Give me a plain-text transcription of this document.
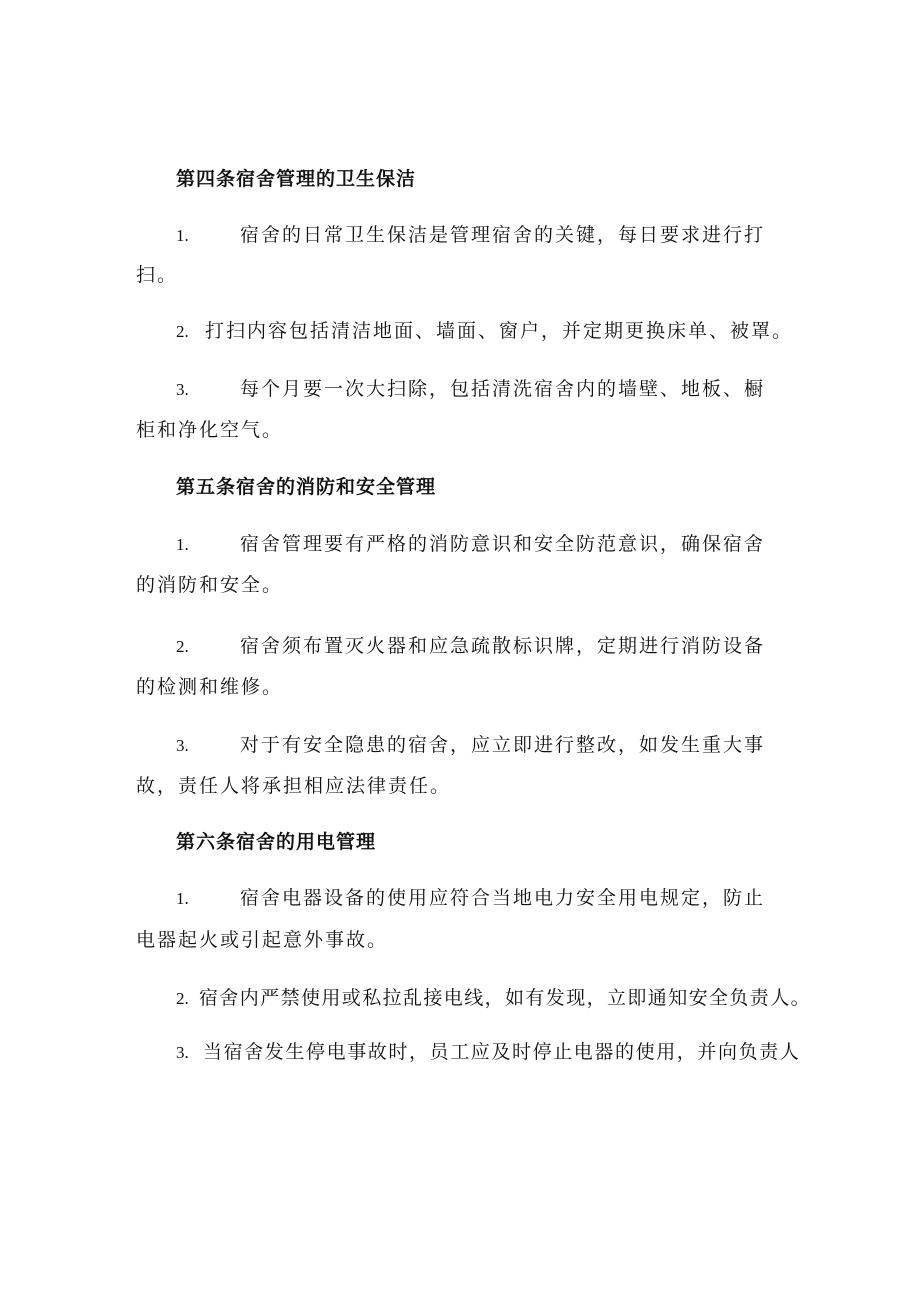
第四条宿舍管理的卫生保洁
1.	宿舍的日常卫生保洁是管理宿舍的关键，每日要求进行打
扫。
2. 打扫内容包括清洁地面、墙面、窗户，并定期更换床单、被罩。
3.	每个月要一次大扫除，包括清洗宿舍内的墙壁、地板、橱
柜和净化空气。
第五条宿舍的消防和安全管理
1.	宿舍管理要有严格的消防意识和安全防范意识，确保宿舍
的消防和安全。
2.	宿舍须布置灭火器和应急疏散标识牌，定期进行消防设备
的检测和维修。
3.	对于有安全隐患的宿舍，应立即进行整改，如发生重大事
故，责任人将承担相应法律责任。
第六条宿舍的用电管理
1.	宿舍电器设备的使用应符合当地电力安全用电规定，防止
电器起火或引起意外事故。
2. 宿舍内严禁使用或私拉乱接电线，如有发现，立即通知安全负责人。
3. 当宿舍发生停电事故时，员工应及时停止电器的使用，并向负责人
